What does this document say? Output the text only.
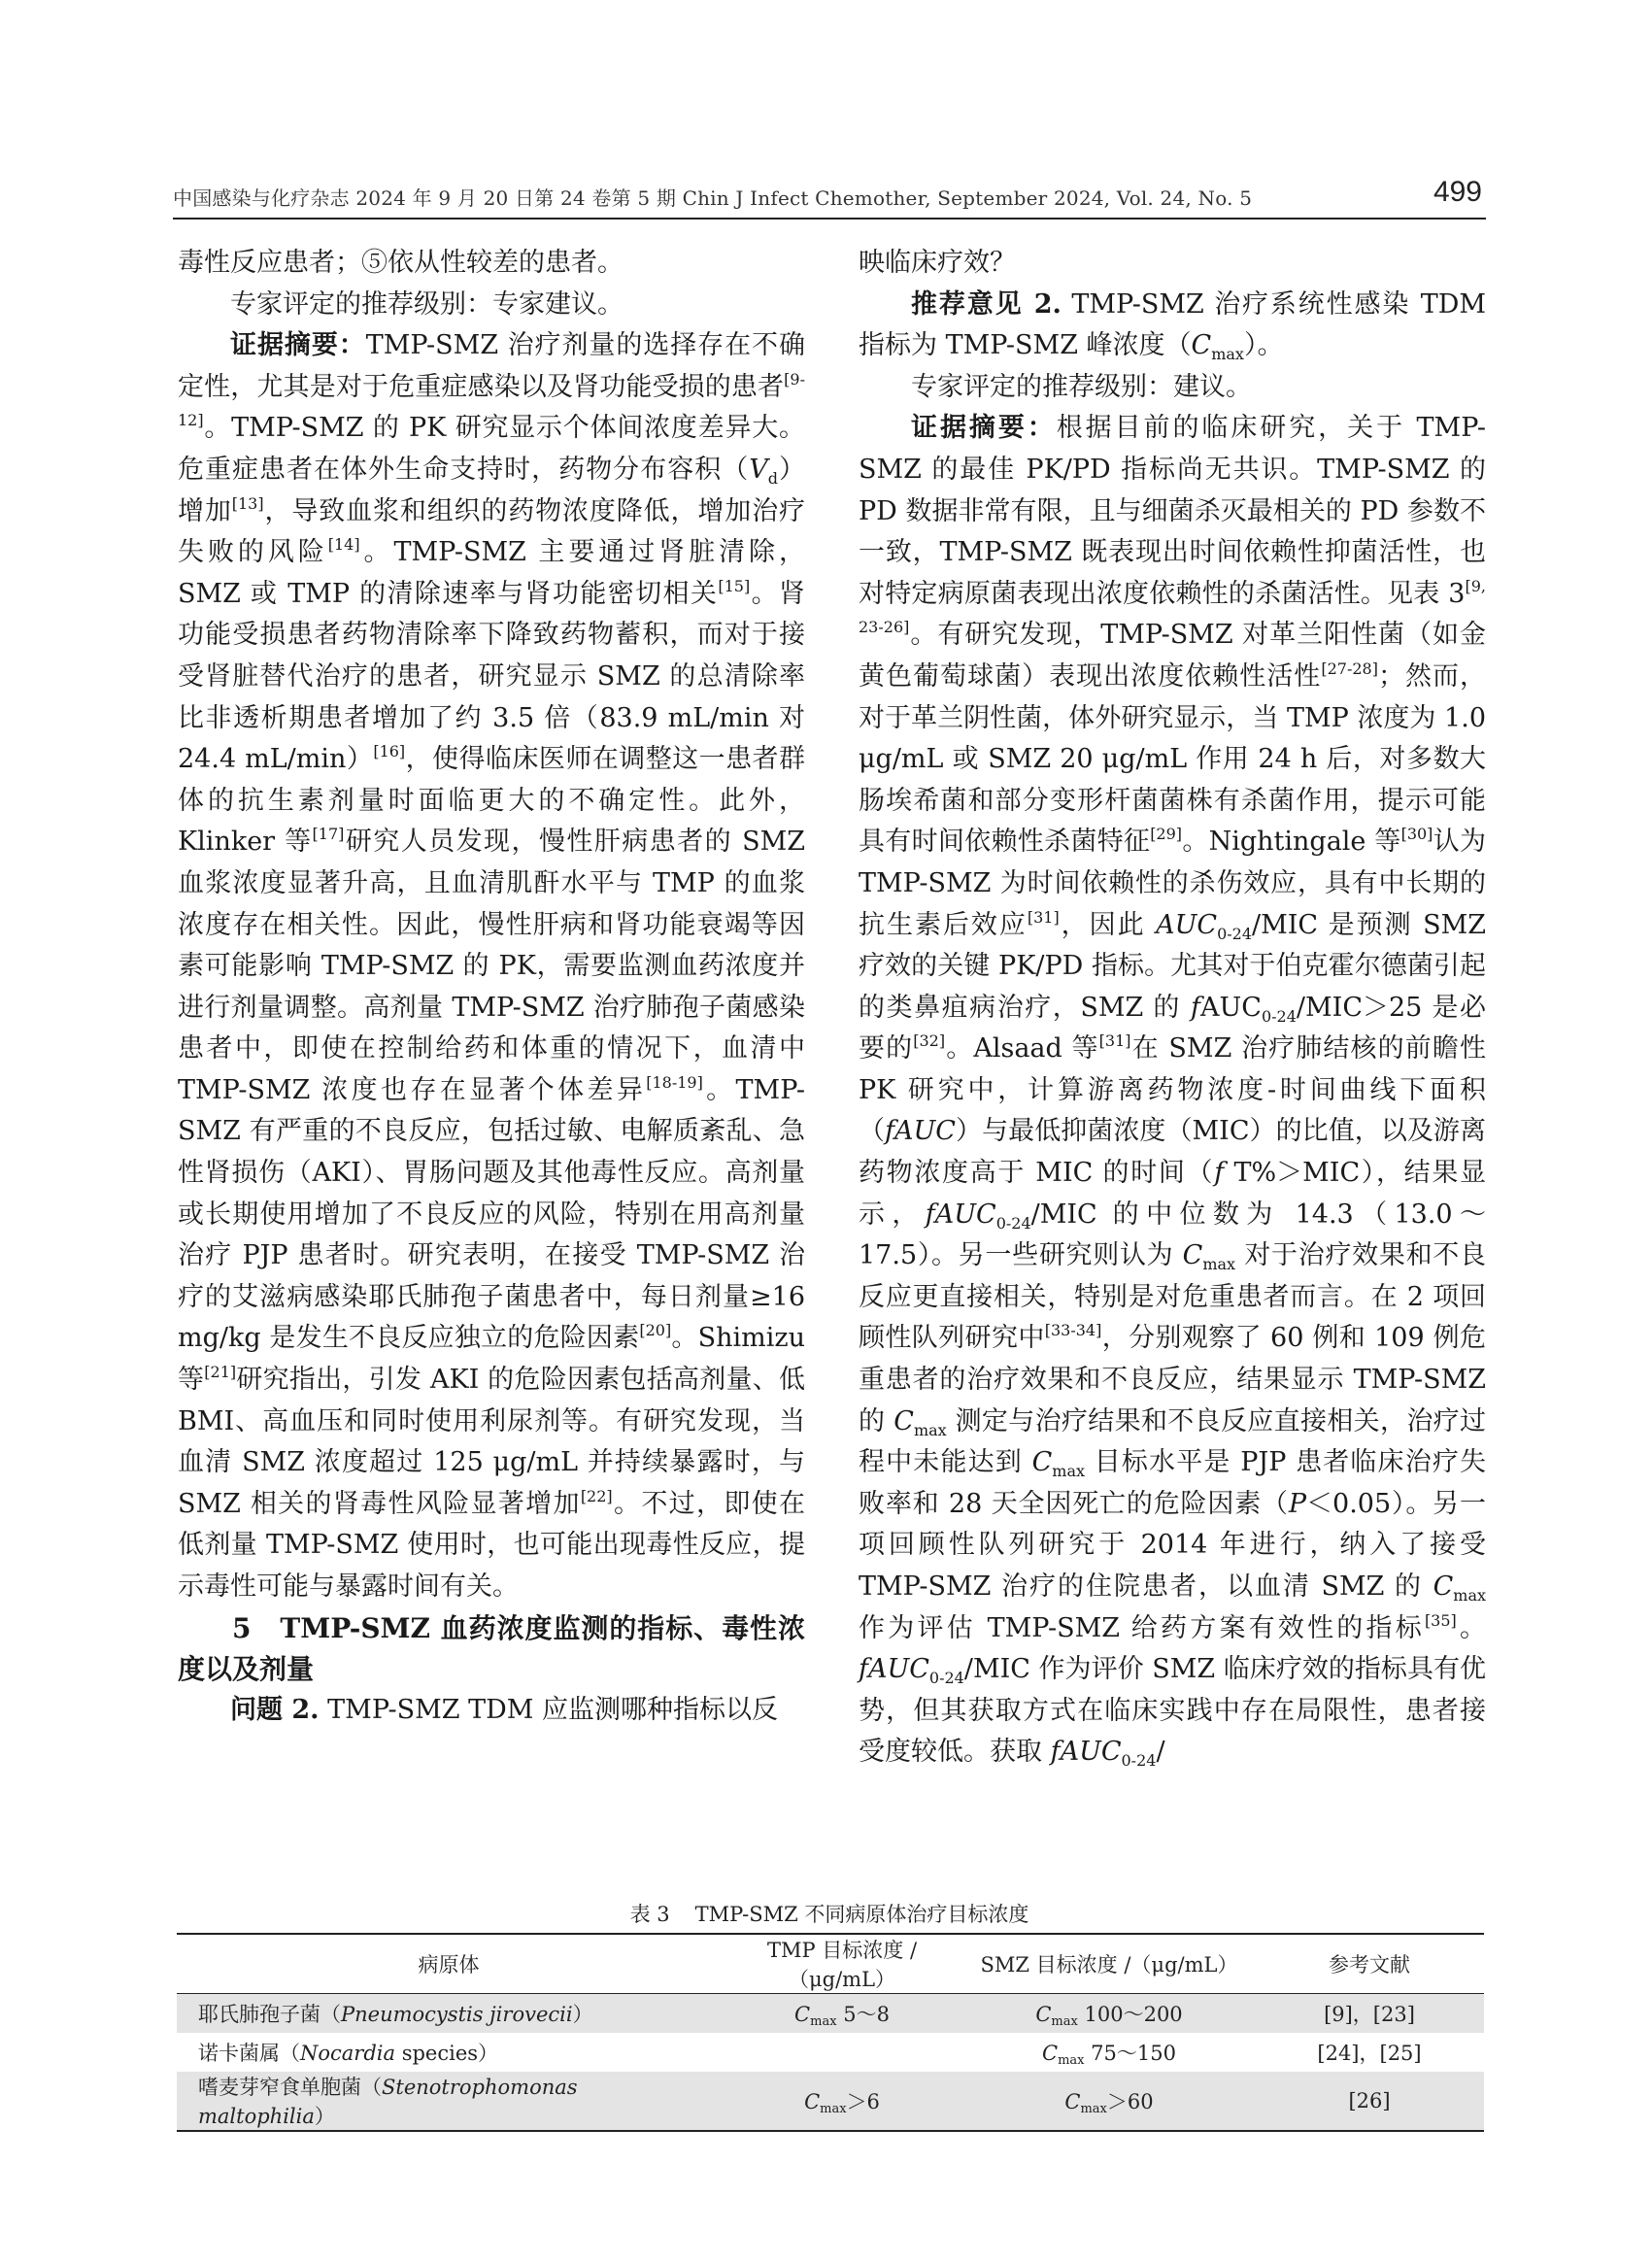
中国感染与化疗杂志 2024 年 9 月 20 日第 24 卷第 5 期 Chin J Infect Chemother, September 2024, Vol. 24, No. 5	499

毒性反应患者；⑤依从性较差的患者。

专家评定的推荐级别：专家建议。

证据摘要：TMP-SMZ 治疗剂量的选择存在不确定性，尤其是对于危重症感染以及肾功能受损的患者[9-12]。TMP-SMZ 的 PK 研究显示个体间浓度差异大。危重症患者在体外生命支持时，药物分布容积$(V_d)$增加[13]，导致血浆和组织的药物浓度降低，增加治疗失败的风险[14]。TMP-SMZ 主要通过肾脏清除，SMZ 或 TMP 的清除速率与肾功能密切相关[15]。肾功能受损患者药物清除率下降致药物蓄积，而对于接受肾脏替代治疗的患者，研究显示 SMZ 的总清除率比非透析期患者增加了约 3.5 倍（83.9 mL/min 对 24.4 mL/min）[16]，使得临床医师在调整这一患者群体的抗生素剂量时面临更大的不确定性。此外，Klinker 等[17]研究人员发现，慢性肝病患者的 SMZ 血浆浓度显著升高，且血清肌酐水平与 TMP 的血浆浓度存在相关性。因此，慢性肝病和肾功能衰竭等因素可能影响 TMP-SMZ 的 PK，需要监测血药浓度并进行剂量调整。高剂量 TMP-SMZ 治疗肺孢子菌感染患者中，即使在控制给药和体重的情况下，血清中 TMP-SMZ 浓度也存在显著个体差异[18-19]。TMP-SMZ 有严重的不良反应，包括过敏、电解质紊乱、急性肾损伤（AKI）、胃肠问题及其他毒性反应。高剂量或长期使用增加了不良反应的风险，特别在用高剂量治疗 PJP 患者时。研究表明，在接受 TMP-SMZ 治疗的艾滋病感染耶氏肺孢子菌患者中，每日剂量≥16 mg/kg 是发生不良反应独立的危险因素[20]。Shimizu 等[21]研究指出，引发 AKI 的危险因素包括高剂量、低 BMI、高血压和同时使用利尿剂等。有研究发现，当血清 SMZ 浓度超过 125 μg/mL 并持续暴露时，与 SMZ 相关的肾毒性风险显著增加[22]。不过，即使在低剂量 TMP-SMZ 使用时，也可能出现毒性反应，提示毒性可能与暴露时间有关。

5　TMP-SMZ 血药浓度监测的指标、毒性浓度以及剂量

问题 2. TMP-SMZ TDM 应监测哪种指标以反

映临床疗效？

推荐意见 2. TMP-SMZ 治疗系统性感染 TDM 指标为 TMP-SMZ 峰浓度$(C_{max})$。

专家评定的推荐级别：建议。

证据摘要：根据目前的临床研究，关于 TMP-SMZ 的最佳 PK/PD 指标尚无共识。TMP-SMZ 的 PD 数据非常有限，且与细菌杀灭最相关的 PD 参数不一致，TMP-SMZ 既表现出时间依赖性抑菌活性，也对特定病原菌表现出浓度依赖性的杀菌活性。见表 3[9, 23-26]。有研究发现，TMP-SMZ 对革兰阳性菌（如金黄色葡萄球菌）表现出浓度依赖性活性[27-28]；然而，对于革兰阴性菌，体外研究显示，当 TMP 浓度为 1.0 μg/mL 或 SMZ 20 μg/mL 作用 24 h 后，对多数大肠埃希菌和部分变形杆菌菌株有杀菌作用，提示可能具有时间依赖性杀菌特征[29]。Nightingale 等[30]认为 TMP-SMZ 为时间依赖性的杀伤效应，具有中长期的抗生素后效应[31]，因此 $AUC_{0-24}$/MIC 是预测 SMZ 疗效的关键 PK/PD 指标。尤其对于伯克霍尔德菌引起的类鼻疽病治疗，SMZ 的 fAUC$_{0-24}$/MIC＞25 是必要的[32]。Alsaad 等[31]在 SMZ 治疗肺结核的前瞻性 PK 研究中，计算游离药物浓度-时间曲线下面积（fAUC）与最低抑菌浓度（MIC）的比值，以及游离药物浓度高于 MIC 的时间（f T%＞MIC），结果显示，fAUC$_{0-24}$/MIC 的中位数为 14.3（13.0～17.5）。另一些研究则认为 $C_{max}$ 对于治疗效果和不良反应更直接相关，特别是对危重患者而言。在 2 项回顾性队列研究中[33-34]，分别观察了 60 例和 109 例危重患者的治疗效果和不良反应，结果显示 TMP-SMZ 的 $C_{max}$ 测定与治疗结果和不良反应直接相关，治疗过程中未能达到 $C_{max}$ 目标水平是 PJP 患者临床治疗失败率和 28 天全因死亡的危险因素（P＜0.05）。另一项回顾性队列研究于 2014 年进行，纳入了接受 TMP-SMZ 治疗的住院患者，以血清 SMZ 的 $C_{max}$ 作为评估 TMP-SMZ 给药方案有效性的指标[35]。fAUC$_{0-24}$/MIC 作为评价 SMZ 临床疗效的指标具有优势，但其获取方式在临床实践中存在局限性，患者接受度较低。获取 fAUC$_{0-24}$/

表 3 TMP-SMZ 不同病原体治疗目标浓度
病原体	TMP 目标浓度 /（μg/mL）	SMZ 目标浓度 /（μg/mL）	参考文献
耶氏肺孢子菌（Pneumocystis jirovecii）	$C_{max}$ 5～8	$C_{max}$ 100～200	[9]，[23]
诺卡菌属（Nocardia species）		$C_{max}$ 75～150	[24]，[25]
嗜麦芽窄食单胞菌（Stenotrophomonas maltophilia）	$C_{max}>6$	$C_{max}>60$	[26]
